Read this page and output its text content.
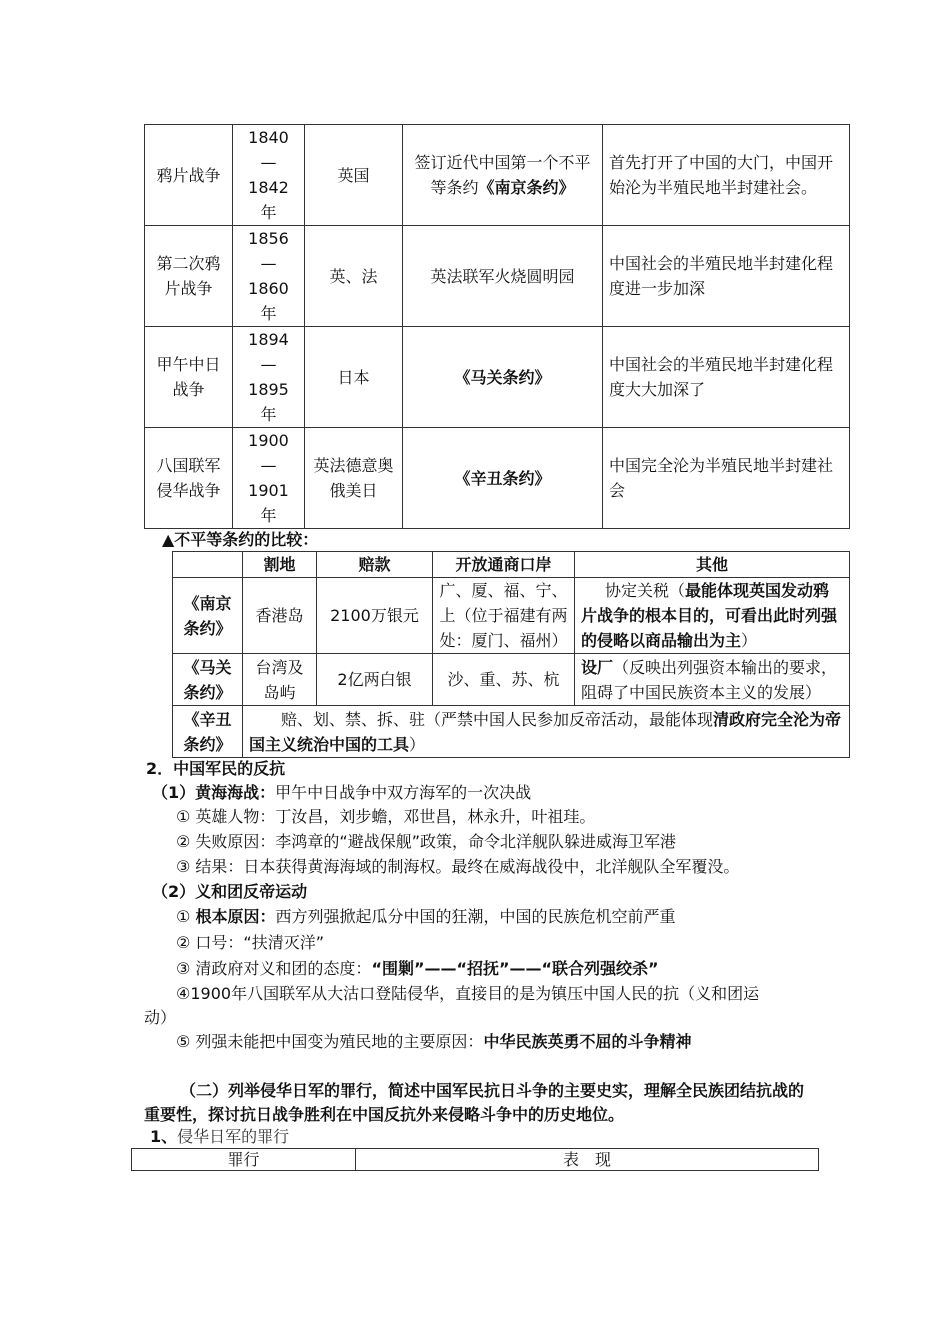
鸦片战争	1840—1842年	英国	签订近代中国第一个不平等条约《南京条约》	首先打开了中国的大门，中国开始沦为半殖民地半封建社会。
第二次鸦片战争	1856—1860年	英、法	英法联军火烧圆明园	中国社会的半殖民地半封建化程度进一步加深
甲午中日战争	1894—1895年	日本	《马关条约》	中国社会的半殖民地半封建化程度大大加深了
八国联军侵华战争	1900—1901年	英法德意奥俄美日	《辛丑条约》	中国完全沦为半殖民地半封建社会
▲不平等条约的比较：
	割地	赔款	开放通商口岸	其他
《南京条约》	香港岛	2100万银元	广、厦、福、宁、上（位于福建有两处：厦门、福州）	协定关税（最能体现英国发动鸦片战争的根本目的，可看出此时列强的侵略以商品输出为主）
《马关条约》	台湾及岛屿	2亿两白银	沙、重、苏、杭	设厂（反映出列强资本输出的要求，阻碍了中国民族资本主义的发展）
《辛丑条约》	赔、划、禁、拆、驻（严禁中国人民参加反帝活动，最能体现清政府完全沦为帝国主义统治中国的工具）			
2．中国军民的反抗
（1）黄海海战：甲午中日战争中双方海军的一次决战
① 英雄人物：丁汝昌，刘步蟾，邓世昌，林永升，叶祖珪。
② 失败原因：李鸿章的“避战保舰”政策，命令北洋舰队躲进威海卫军港
③ 结果：日本获得黄海海域的制海权。最终在威海战役中，北洋舰队全军覆没。
（2）义和团反帝运动
① 根本原因：西方列强掀起瓜分中国的狂潮，中国的民族危机空前严重
② 口号：“扶清灭洋”
③ 清政府对义和团的态度：“围剿”——“招抚”——“联合列强绞杀”
④1900年八国联军从大沽口登陆侵华，直接目的是为镇压中国人民的抗（义和团运
动）
⑤ 列强未能把中国变为殖民地的主要原因：中华民族英勇不屈的斗争精神
（二）列举侵华日军的罪行，简述中国军民抗日斗争的主要史实，理解全民族团结抗战的
重要性，探讨抗日战争胜利在中国反抗外来侵略斗争中的历史地位。
1、侵华日军的罪行
罪行	表　现
